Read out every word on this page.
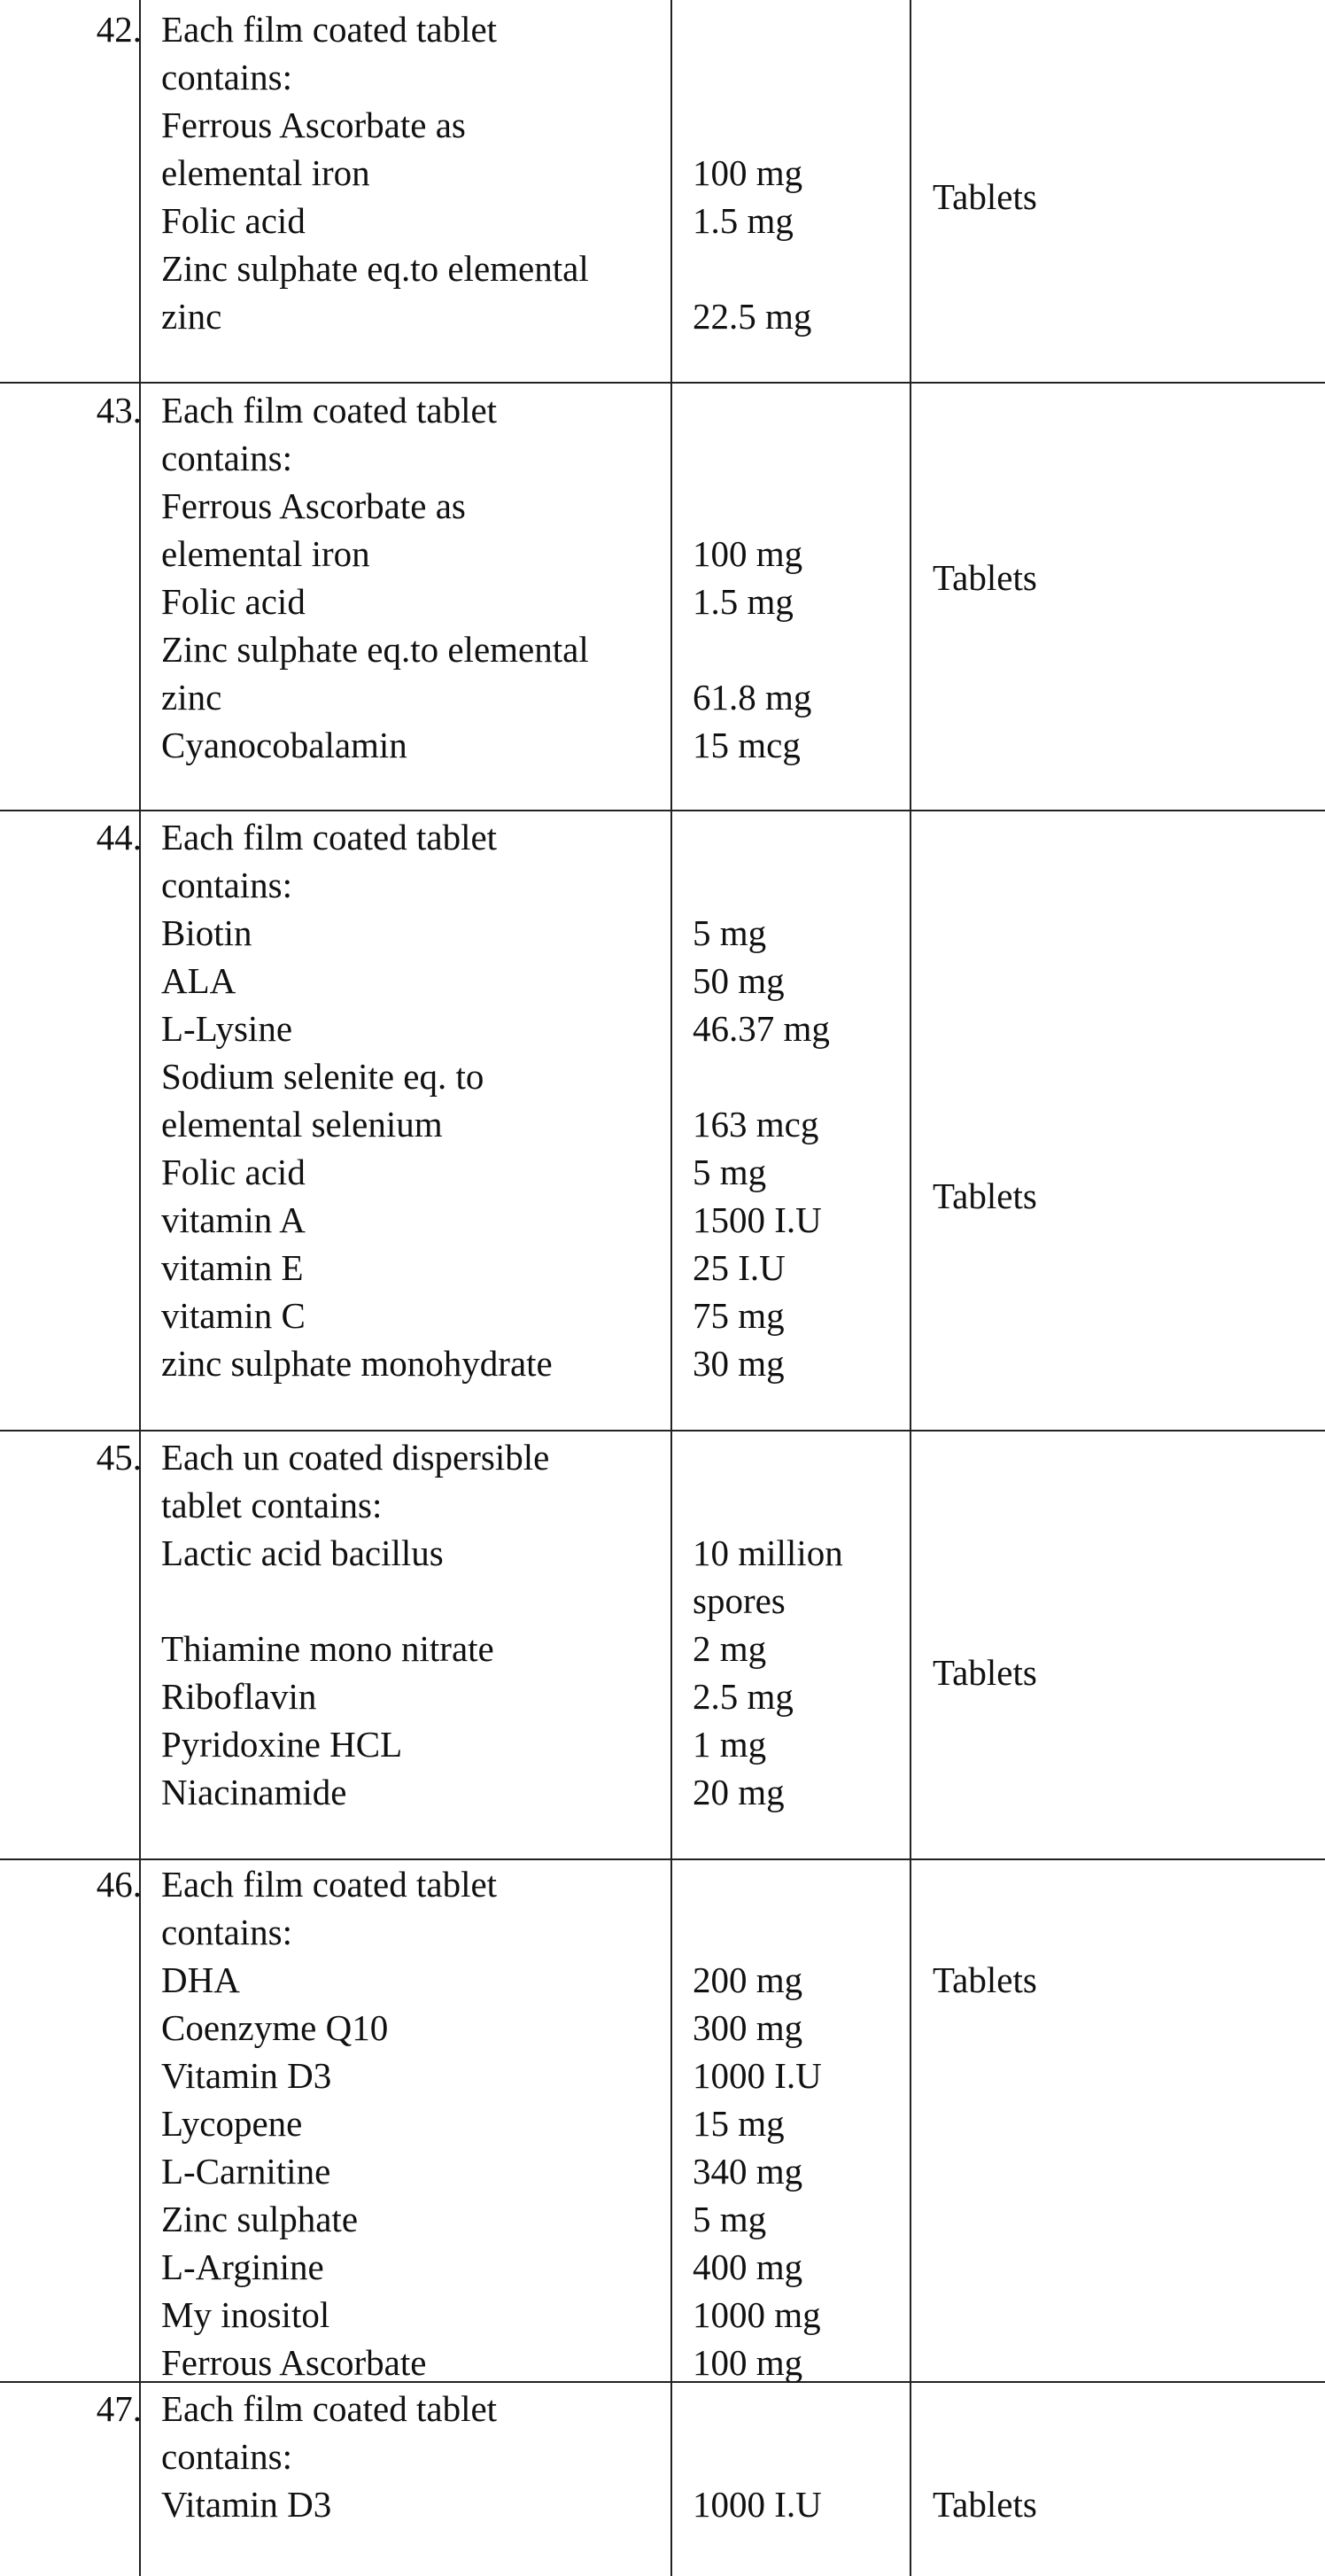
42. Each film coated tablet
contains:
Ferrous Ascorbate as
elemental iron
Folic acid
Zinc sulphate eq.to elemental
zinc
100 mg
1.5 mg
22.5 mg
Tablets
43. Each film coated tablet
contains:
Ferrous Ascorbate as
elemental iron
Folic acid
Zinc sulphate eq.to elemental
zinc
Cyanocobalamin
100 mg
1.5 mg
61.8 mg
15 mcg
Tablets
44. Each film coated tablet
contains:
Biotin
ALA
L-Lysine
Sodium selenite eq. to
elemental selenium
Folic acid
vitamin A
vitamin E
vitamin C
zinc sulphate monohydrate
5 mg
50 mg
46.37 mg
163 mcg
5 mg
1500 I.U
25 I.U
75 mg
30 mg
Tablets
45. Each un coated dispersible
tablet contains:
Lactic acid bacillus
Thiamine mono nitrate
Riboflavin
Pyridoxine HCL
Niacinamide
10 million
spores
2 mg
2.5 mg
1 mg
20 mg
Tablets
46. Each film coated tablet
contains:
DHA
Coenzyme Q10
Vitamin D3
Lycopene
L-Carnitine
Zinc sulphate
L-Arginine
My inositol
Ferrous Ascorbate
200 mg
300 mg
1000 I.U
15 mg
340 mg
5 mg
400 mg
1000 mg
100 mg
Tablets
47. Each film coated tablet
contains:
Vitamin D3	1000 I.U	Tablets
